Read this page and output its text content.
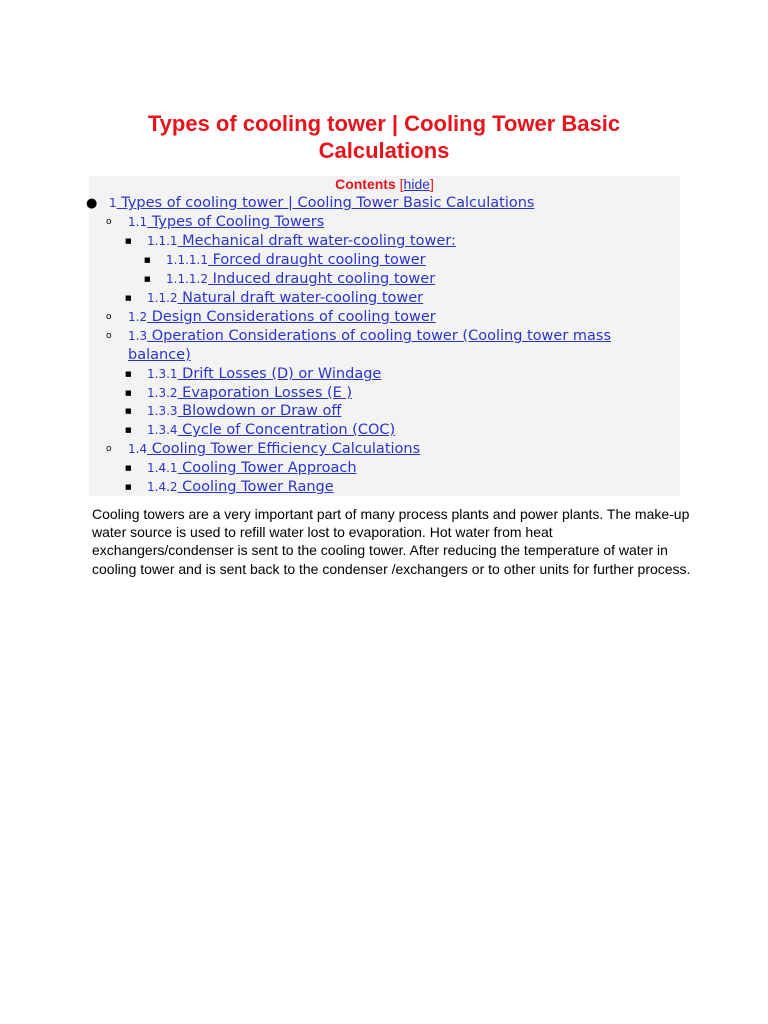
Types of cooling tower | Cooling Tower Basic
Calculations
Contents [hide]
● 1 Types of cooling tower | Cooling Tower Basic Calculations
o 1.1 Types of Cooling Towers
■ 1.1.1 Mechanical draft water-cooling tower:
■ 1.1.1.1 Forced draught cooling tower
■ 1.1.1.2 Induced draught cooling tower
■ 1.1.2 Natural draft water-cooling tower
o 1.2 Design Considerations of cooling tower
o 1.3 Operation Considerations of cooling tower (Cooling tower mass
balance)
■ 1.3.1 Drift Losses (D) or Windage
■ 1.3.2 Evaporation Losses (E )
■ 1.3.3 Blowdown or Draw off
■ 1.3.4 Cycle of Concentration (COC)
o 1.4 Cooling Tower Efficiency Calculations
■ 1.4.1 Cooling Tower Approach
■ 1.4.2 Cooling Tower Range
Cooling towers are a very important part of many process plants and power plants. The make-up water source is used to refill water lost to evaporation. Hot water from heat exchangers/condenser is sent to the cooling tower. After reducing the temperature of water in cooling tower and is sent back to the condenser /exchangers or to other units for further process.
